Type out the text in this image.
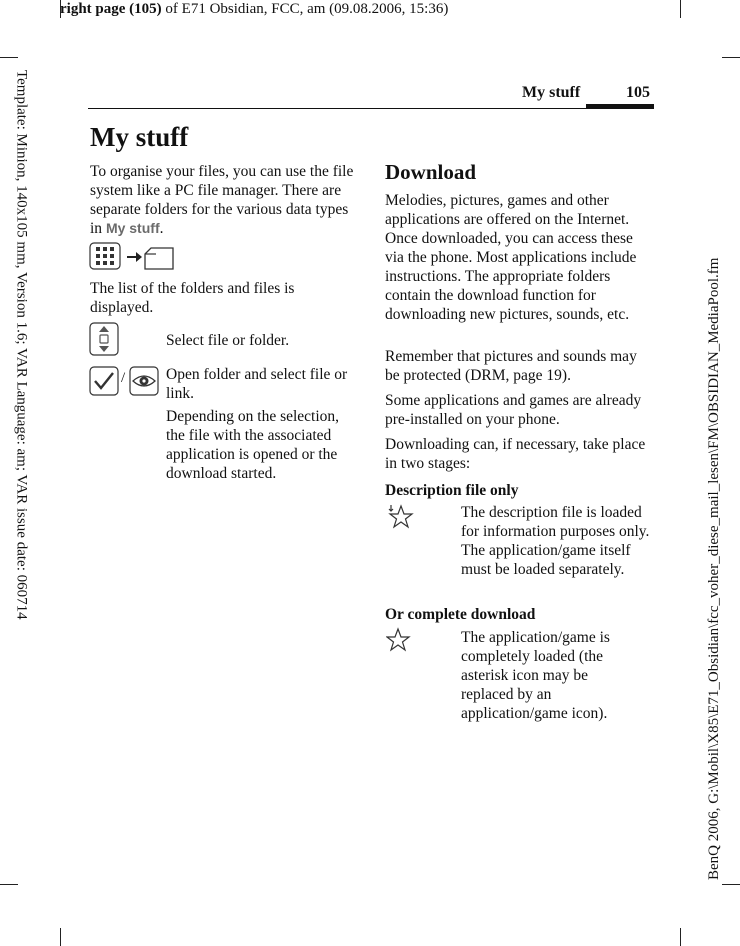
right page (105) of E71 Obsidian, FCC, am (09.08.2006, 15:36)
Template: Minion, 140x105 mm, Version 1.6; VAR Language: am; VAR issue date: 060714	BenQ 2006, G:\Mobil\X85\E71_Obsidian\fcc_voher_diese_mail_lesen\FM\OBSIDIAN_MediaPool.fm
My stuff	105
My stuff
To organise your files, you can use the file system like a PC file manager. There are separate folders for the various data types in My stuff.
The list of the folders and files is displayed.
Select file or folder.
/	Open folder and select file or link.
Depending on the selection, the file with the associated application is opened or the download started.
Download
Melodies, pictures, games and other applications are offered on the Internet. Once downloaded, you can access these via the phone. Most applications include instructions. The appropriate folders contain the download function for downloading new pictures, sounds, etc.
Remember that pictures and sounds may be protected (DRM, page 19).
Some applications and games are already pre-installed on your phone.
Downloading can, if necessary, take place in two stages:
Description file only
The description file is loaded for information purposes only. The application/game itself must be loaded separately.
Or complete download
The application/game is completely loaded (the asterisk icon may be replaced by an application/game icon).
